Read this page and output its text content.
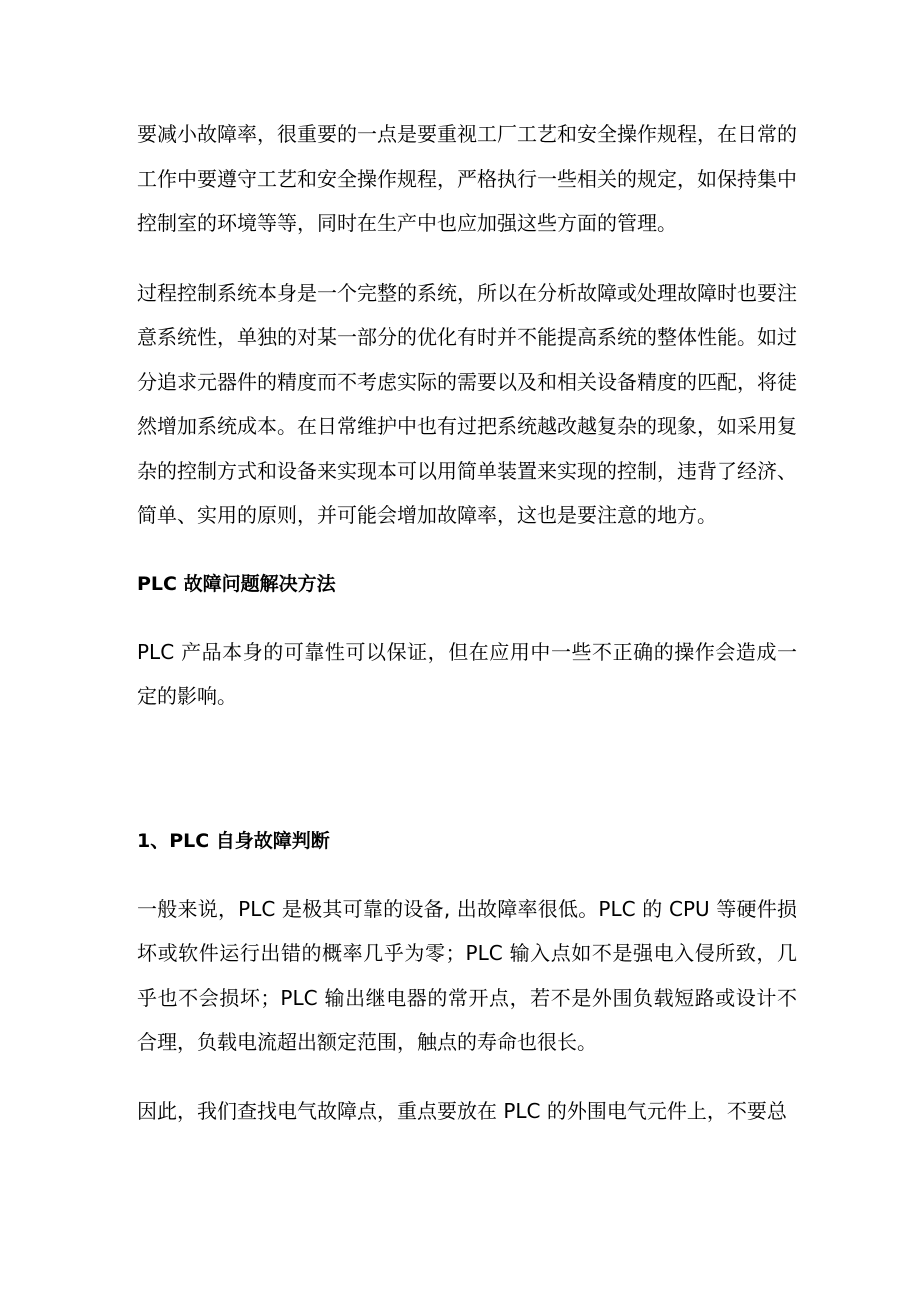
要减小故障率，很重要的一点是要重视工厂工艺和安全操作规程，在日常的工作中要遵守工艺和安全操作规程，严格执行一些相关的规定，如保持集中控制室的环境等等，同时在生产中也应加强这些方面的管理。

过程控制系统本身是一个完整的系统，所以在分析故障或处理故障时也要注意系统性，单独的对某一部分的优化有时并不能提高系统的整体性能。如过分追求元器件的精度而不考虑实际的需要以及和相关设备精度的匹配，将徒然增加系统成本。在日常维护中也有过把系统越改越复杂的现象，如采用复杂的控制方式和设备来实现本可以用简单装置来实现的控制，违背了经济、简单、实用的原则，并可能会增加故障率，这也是要注意的地方。

PLC 故障问题解决方法

PLC 产品本身的可靠性可以保证，但在应用中一些不正确的操作会造成一定的影响。

1、PLC 自身故障判断

一般来说，PLC 是极其可靠的设备, 出故障率很低。PLC 的 CPU 等硬件损坏或软件运行出错的概率几乎为零；PLC 输入点如不是强电入侵所致，几乎也不会损坏；PLC 输出继电器的常开点，若不是外围负载短路或设计不合理，负载电流超出额定范围，触点的寿命也很长。

因此，我们查找电气故障点，重点要放在 PLC 的外围电气元件上，不要总
